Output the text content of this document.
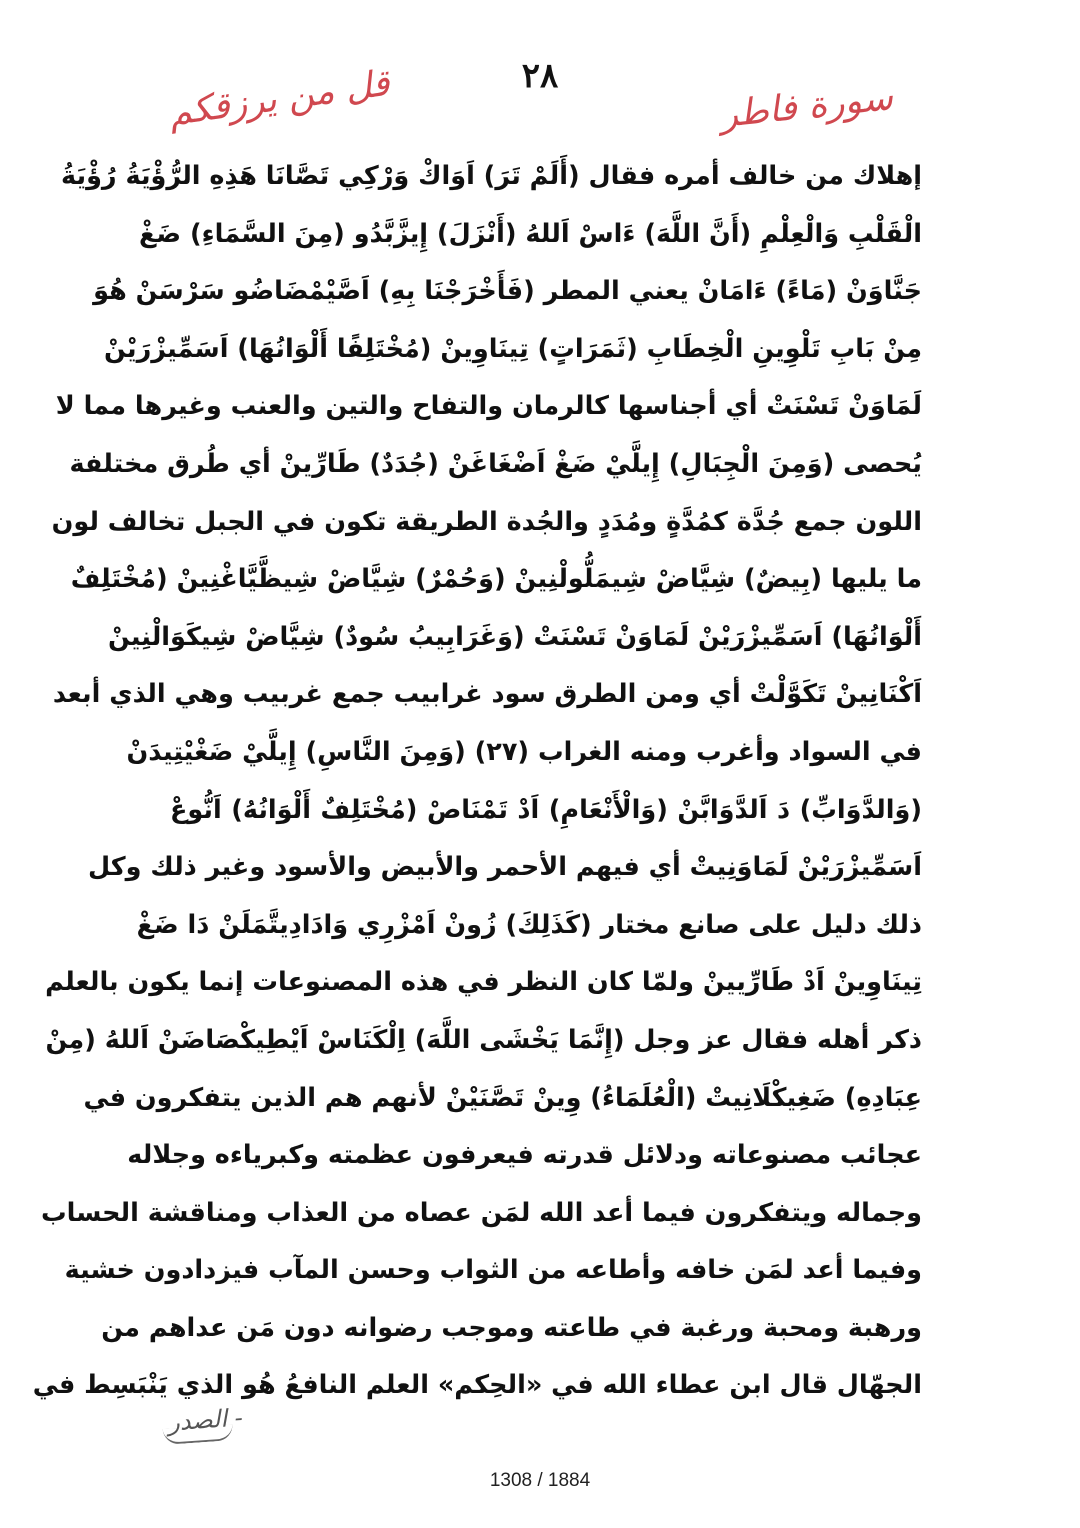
٢٨
قل من يرزقكم	سورة فاطر
إهلاك من خالف أمره فقال (أَلَمْ تَرَ) اَوَاكْ وَرْكِي تَصَّانَا هَذِهِ الرُّؤْيَةُ رُؤْيَةُ
الْقَلْبِ وَالْعِلْمِ (أَنَّ اللَّهَ) ءَاسْ اَللهُ (أَنْزَلَ) إِيزَّبَّدُو (مِنَ السَّمَاءِ) ضَغْ
جَنَّاوَنْ (مَاءً) ءَامَانْ يعني المطر (فَأَخْرَجْنَا بِهِ) اَصَّيْمْضَاضُو سَرْسَنْ هُوَ
مِنْ بَابِ تَلْوِينِ الْخِطَابِ (ثَمَرَاتٍ) تِينَاوِينْ (مُخْتَلِفًا أَلْوَانُهَا) اَسَمِّيزْرَيْنْ
لَمَاوَنْ تَسْنَتْ أي أجناسها كالرمان والتفاح والتين والعنب وغيرها مما لا
يُحصى (وَمِنَ الْجِبَالِ) إِيلَّيْ ضَغْ اَضْغَاغَنْ (جُدَدٌ) طَارِّينْ أي طُرق مختلفة
اللون جمع جُدَّة كمُدَّةٍ ومُدَدٍ والجُدة الطريقة تكون في الجبل تخالف لون
ما يليها (بِيضٌ) شِيَّاضْ شِيمَلُّولْنِينْ (وَحُمْرٌ) شِيَّاضْ شِيظَّيَّاغْنِينْ (مُخْتَلِفٌ
أَلْوَانُهَا) اَسَمِّيزْرَيْنْ لَمَاوَنْ تَسْنَتْ (وَغَرَابِيبُ سُودٌ) شِيَّاضْ شِيكَوَالْنِينْ
اَكْنَانِينْ تَكَوَّلْتْ أي ومن الطرق سود غرابيب جمع غربيب وهي الذي أبعد
في السواد وأغرب ومنه الغراب (٢٧) (وَمِنَ النَّاسِ) إِيلَّيْ ضَغْيْتِيدَنْ
(وَالدَّوَابِّ) دَ اَلدَّوَابَّنْ (وَالْأَنْعَامِ) اَدْ تَمْنَاصْ (مُخْتَلِفٌ أَلْوَانُهُ) اَنُّوعْ
اَسَمِّيزْرَيْنْ لَمَاوَنِيتْ أي فيهم الأحمر والأبيض والأسود وغير ذلك وكل
ذلك دليل على صانع مختار (كَذَلِكَ) زُونْ اَمْزْرِي وَادَادِيتَّمَلَنْ دَا ضَغْ
تِينَاوِينْ اَدْ طَارِّيينْ ولمّا كان النظر في هذه المصنوعات إنما يكون بالعلم
ذكر أهله فقال عز وجل (إِنَّمَا يَخْشَى اللَّهَ) اِلْكَنَاسْ اَيْطِيكْصَاضَنْ اَللهُ (مِنْ
عِبَادِهِ) ضَغِيكْلَانِيتْ (الْعُلَمَاءُ) وِينْ تَصَّنَيْنْ لأنهم هم الذين يتفكرون في
عجائب مصنوعاته ودلائل قدرته فيعرفون عظمته وكبرياءه وجلاله
وجماله ويتفكرون فيما أعد الله لمَن عصاه من العذاب ومناقشة الحساب
وفيما أعد لمَن خافه وأطاعه من الثواب وحسن المآب فيزدادون خشية
ورهبة ومحبة ورغبة في طاعته وموجب رضوانه دون مَن عداهم من
الجهّال قال ابن عطاء الله في «الحِكم» العلم النافعُ هُو الذي يَنْبَسِط في
- الصدر
1308 / 1884
